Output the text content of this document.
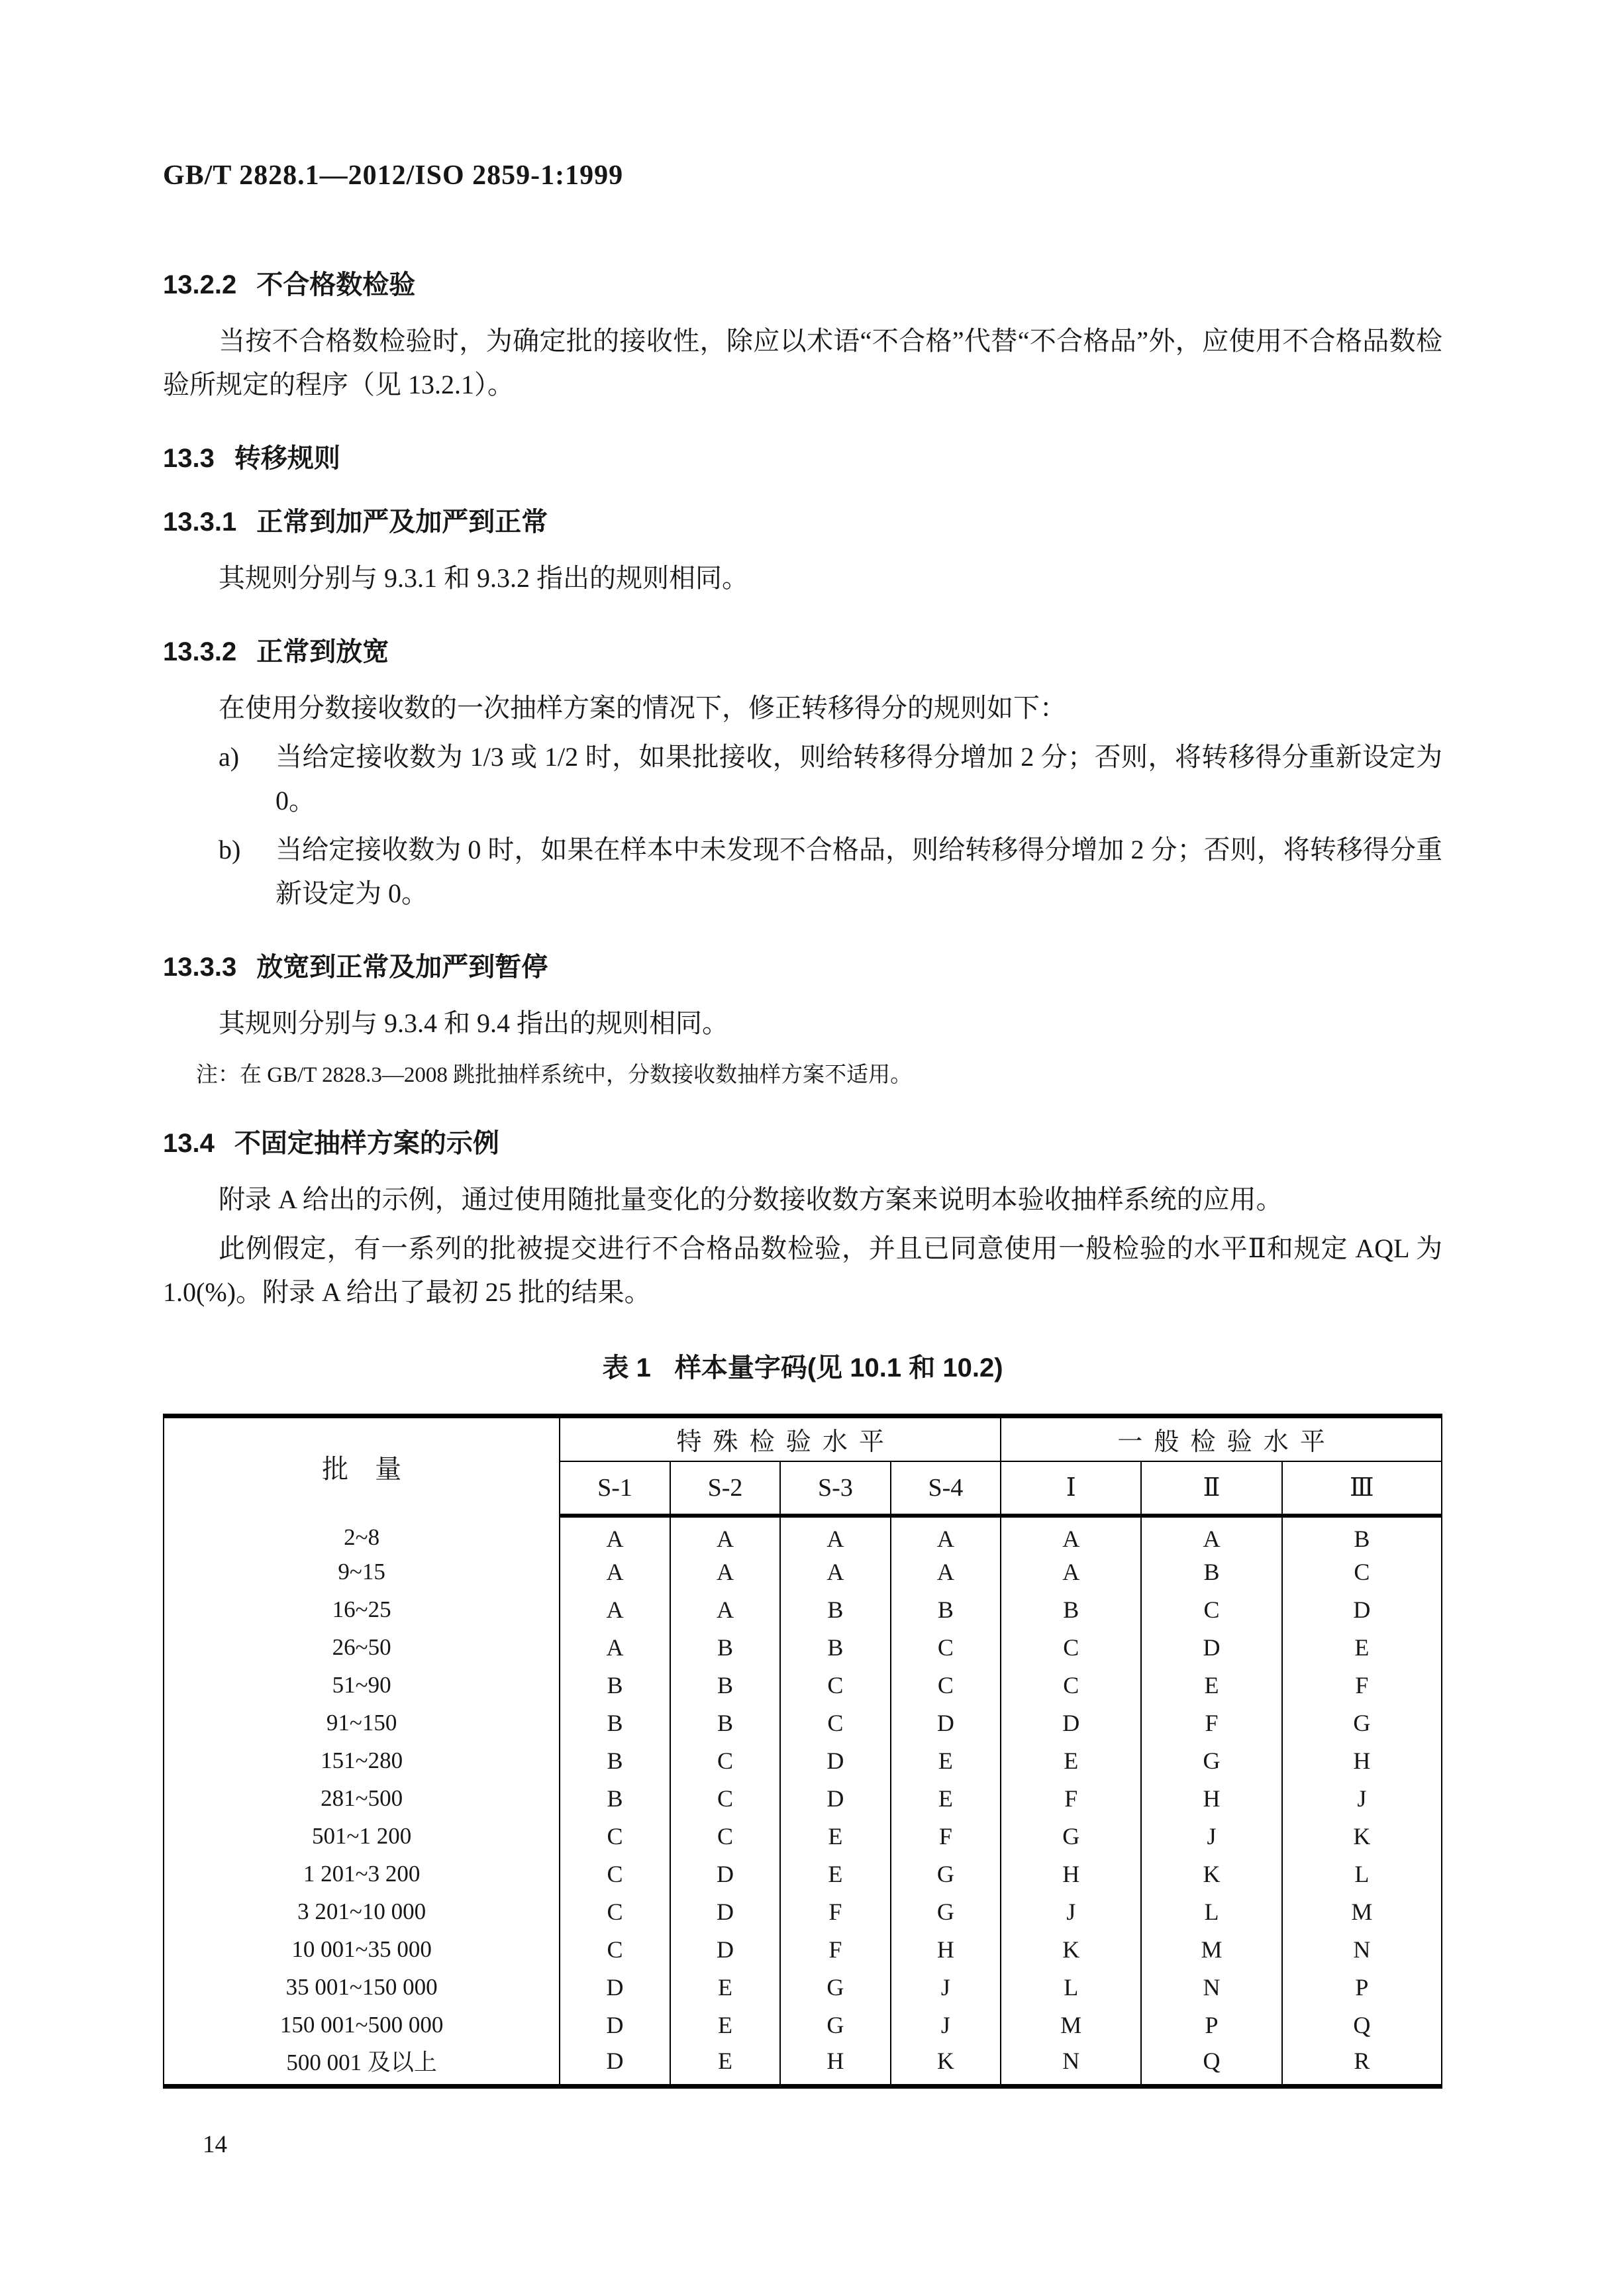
GB/T 2828.1—2012/ISO 2859-1:1999
13.2.2 不合格数检验
当按不合格数检验时，为确定批的接收性，除应以术语“不合格”代替“不合格品”外，应使用不合格品数检验所规定的程序（见 13.2.1）。
13.3 转移规则
13.3.1 正常到加严及加严到正常
其规则分别与 9.3.1 和 9.3.2 指出的规则相同。
13.3.2 正常到放宽
在使用分数接收数的一次抽样方案的情况下，修正转移得分的规则如下：
a)	当给定接收数为 1/3 或 1/2 时，如果批接收，则给转移得分增加 2 分；否则，将转移得分重新设定为 0。
b)	当给定接收数为 0 时，如果在样本中未发现不合格品，则给转移得分增加 2 分；否则，将转移得分重新设定为 0。
13.3.3 放宽到正常及加严到暂停
其规则分别与 9.3.4 和 9.4 指出的规则相同。
注：在 GB/T 2828.3—2008 跳批抽样系统中，分数接收数抽样方案不适用。
13.4 不固定抽样方案的示例
附录 A 给出的示例，通过使用随批量变化的分数接收数方案来说明本验收抽样系统的应用。
此例假定，有一系列的批被提交进行不合格品数检验，并且已同意使用一般检验的水平Ⅱ和规定 AQL 为 1.0(%)。附录 A 给出了最初 25 批的结果。
表 1 样本量字码(见 10.1 和 10.2)
批　量	特殊检验水平				一般检验水平		
	S-1	S-2	S-3	S-4	Ⅰ	Ⅱ	Ⅲ
2~8	A	A	A	A	A	A	B
9~15	A	A	A	A	A	B	C
16~25	A	A	B	B	B	C	D
26~50	A	B	B	C	C	D	E
51~90	B	B	C	C	C	E	F
91~150	B	B	C	D	D	F	G
151~280	B	C	D	E	E	G	H
281~500	B	C	D	E	F	H	J
501~1 200	C	C	E	F	G	J	K
1 201~3 200	C	D	E	G	H	K	L
3 201~10 000	C	D	F	G	J	L	M
10 001~35 000	C	D	F	H	K	M	N
35 001~150 000	D	E	G	J	L	N	P
150 001~500 000	D	E	G	J	M	P	Q
500 001 及以上	D	E	H	K	N	Q	R
14
